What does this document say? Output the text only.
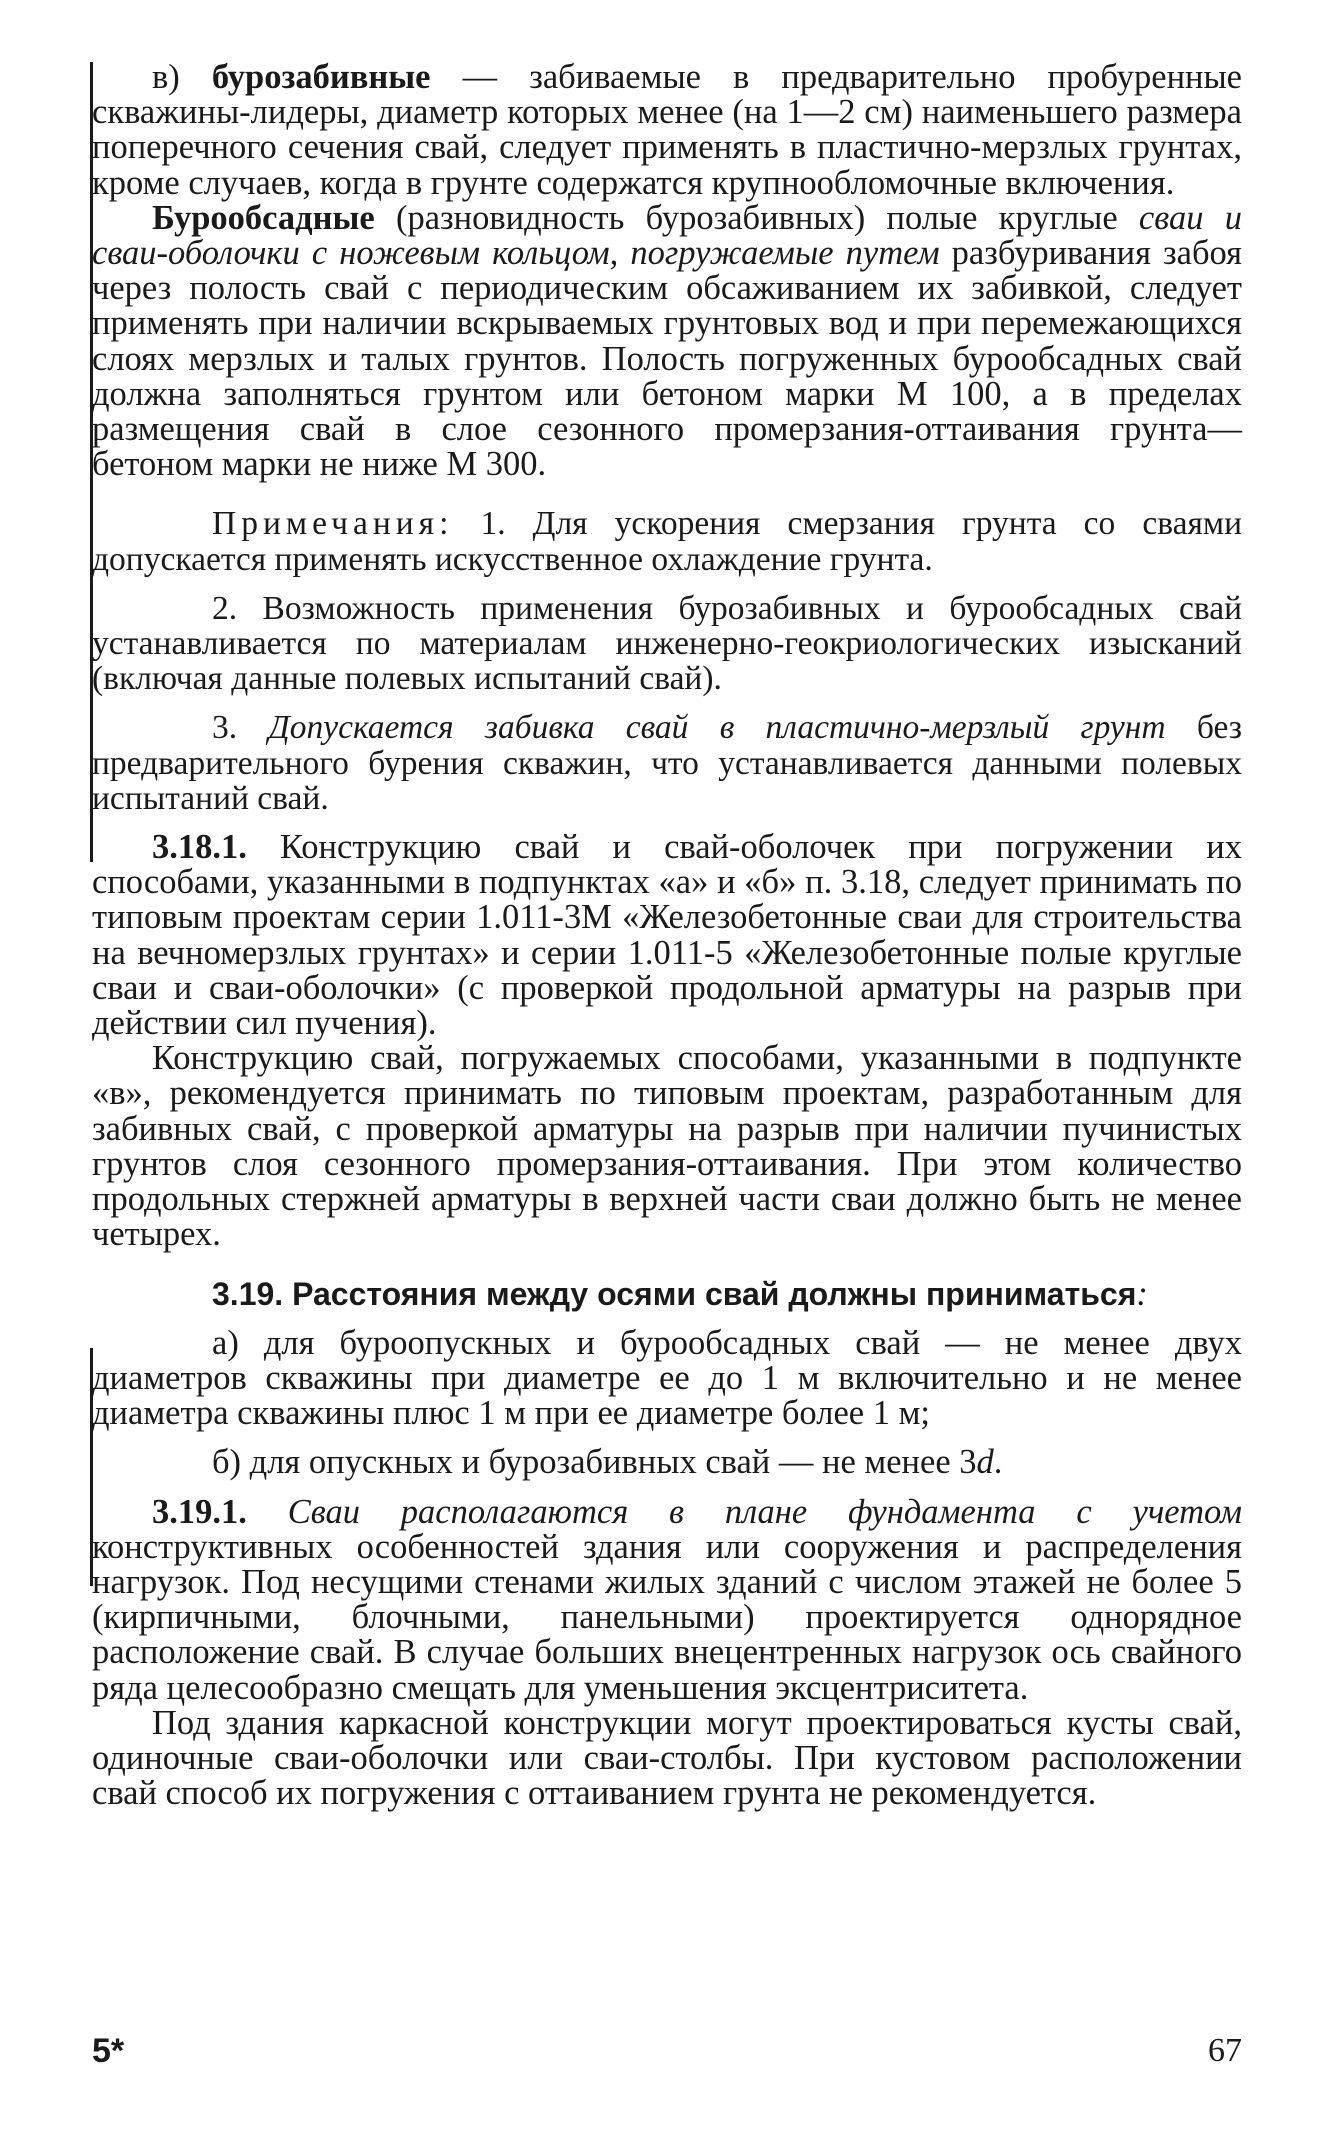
в) бурозабивные — забиваемые в предварительно пробуренные скважины-лидеры, диаметр которых менее (на 1—2 см) наименьшего размера поперечного сечения свай, следует применять в пластично-мерзлых грунтах, кроме случаев, когда в грунте содержатся крупнообломочные включения.

Бурообсадные (разновидность бурозабивных) полые круглые сваи и сваи-оболочки с ножевым кольцом, погружаемые путем разбуривания забоя через полость свай с периодическим обсаживанием их забивкой, следует применять при наличии вскрываемых грунтовых вод и при перемежающихся слоях мерзлых и талых грунтов. Полость погруженных бурообсадных свай должна заполняться грунтом или бетоном марки М 100, а в пределах размещения свай в слое сезонного промерзания-оттаивания грунта— бетоном марки не ниже М 300.

Примечания: 1. Для ускорения смерзания грунта со сваями допускается применять искусственное охлаждение грунта.

2. Возможность применения бурозабивных и бурообсадных свай устанавливается по материалам инженерно-геокриологических изысканий (включая данные полевых испытаний свай).

3. Допускается забивка свай в пластично-мерзлый грунт без предварительного бурения скважин, что устанавливается данными полевых испытаний свай.

3.18.1. Конструкцию свай и свай-оболочек при погружении их способами, указанными в подпунктах «а» и «б» п. 3.18, следует принимать по типовым проектам серии 1.011-3М «Железобетонные сваи для строительства на вечномерзлых грунтах» и серии 1.011-5 «Железобетонные полые круглые сваи и сваи-оболочки» (с проверкой продольной арматуры на разрыв при действии сил пучения).

Конструкцию свай, погружаемых способами, указанными в подпункте «в», рекомендуется принимать по типовым проектам, разработанным для забивных свай, с проверкой арматуры на разрыв при наличии пучинистых грунтов слоя сезонного промерзания-оттаивания. При этом количество продольных стержней арматуры в верхней части сваи должно быть не менее четырех.

3.19. Расстояния между осями свай должны приниматься:

а) для буроопускных и бурообсадных свай — не менее двух диаметров скважины при диаметре ее до 1 м включительно и не менее диаметра скважины плюс 1 м при ее диаметре более 1 м;

б) для опускных и бурозабивных свай — не менее 3d.

3.19.1. Сваи располагаются в плане фундамента с учетом конструктивных особенностей здания или сооружения и распределения нагрузок. Под несущими стенами жилых зданий с числом этажей не более 5 (кирпичными, блочными, панельными) проектируется однорядное расположение свай. В случае больших внецентренных нагрузок ось свайного ряда целесообразно смещать для уменьшения эксцентриситета.

Под здания каркасной конструкции могут проектироваться кусты свай, одиночные сваи-оболочки или сваи-столбы. При кустовом расположении свай способ их погружения с оттаиванием грунта не рекомендуется.

5*	67
